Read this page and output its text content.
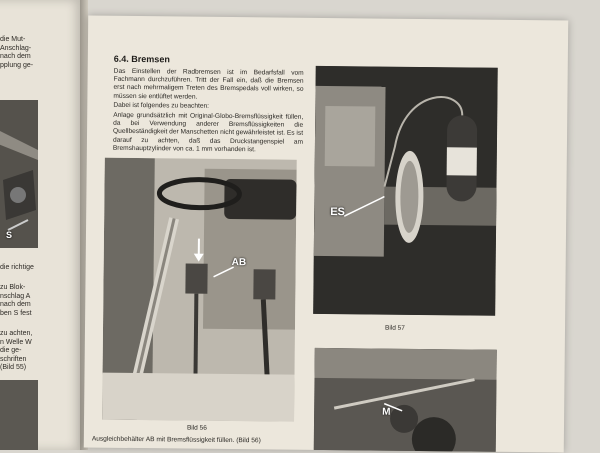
die Mut-
Anschlag-
nach dem
pplung ge-
S
die richtige
zu Blok-
nschlag A
nach dem
ben S fest
zu achten,
n Welle W
die ge-
schriften
(Bild 55)
6.4. Bremsen
Das Einstellen der Radbremsen ist im Bedarfsfall vom Fachmann durchzuführen. Tritt der Fall ein, daß die Bremsen erst nach mehrmaligem Treten des Bremspedals voll wirken, so müssen sie entlüftet werden.
Dabei ist folgendes zu beachten:
Anlage grundsätzlich mit Original-Globo-Bremsflüssigkeit füllen, da bei Verwendung anderer Bremsflüssigkeiten die Quellbeständigkeit der Manschetten nicht gewährleistet ist. Es ist darauf zu achten, daß das Druckstangenspiel am Bremshauptzylinder von ca. 1 mm vorhanden ist.
AB
Bild 56
ES
Bild 57
M
Ausgleichbehälter AB mit Bremsflüssigkeit füllen. (Bild 56)
